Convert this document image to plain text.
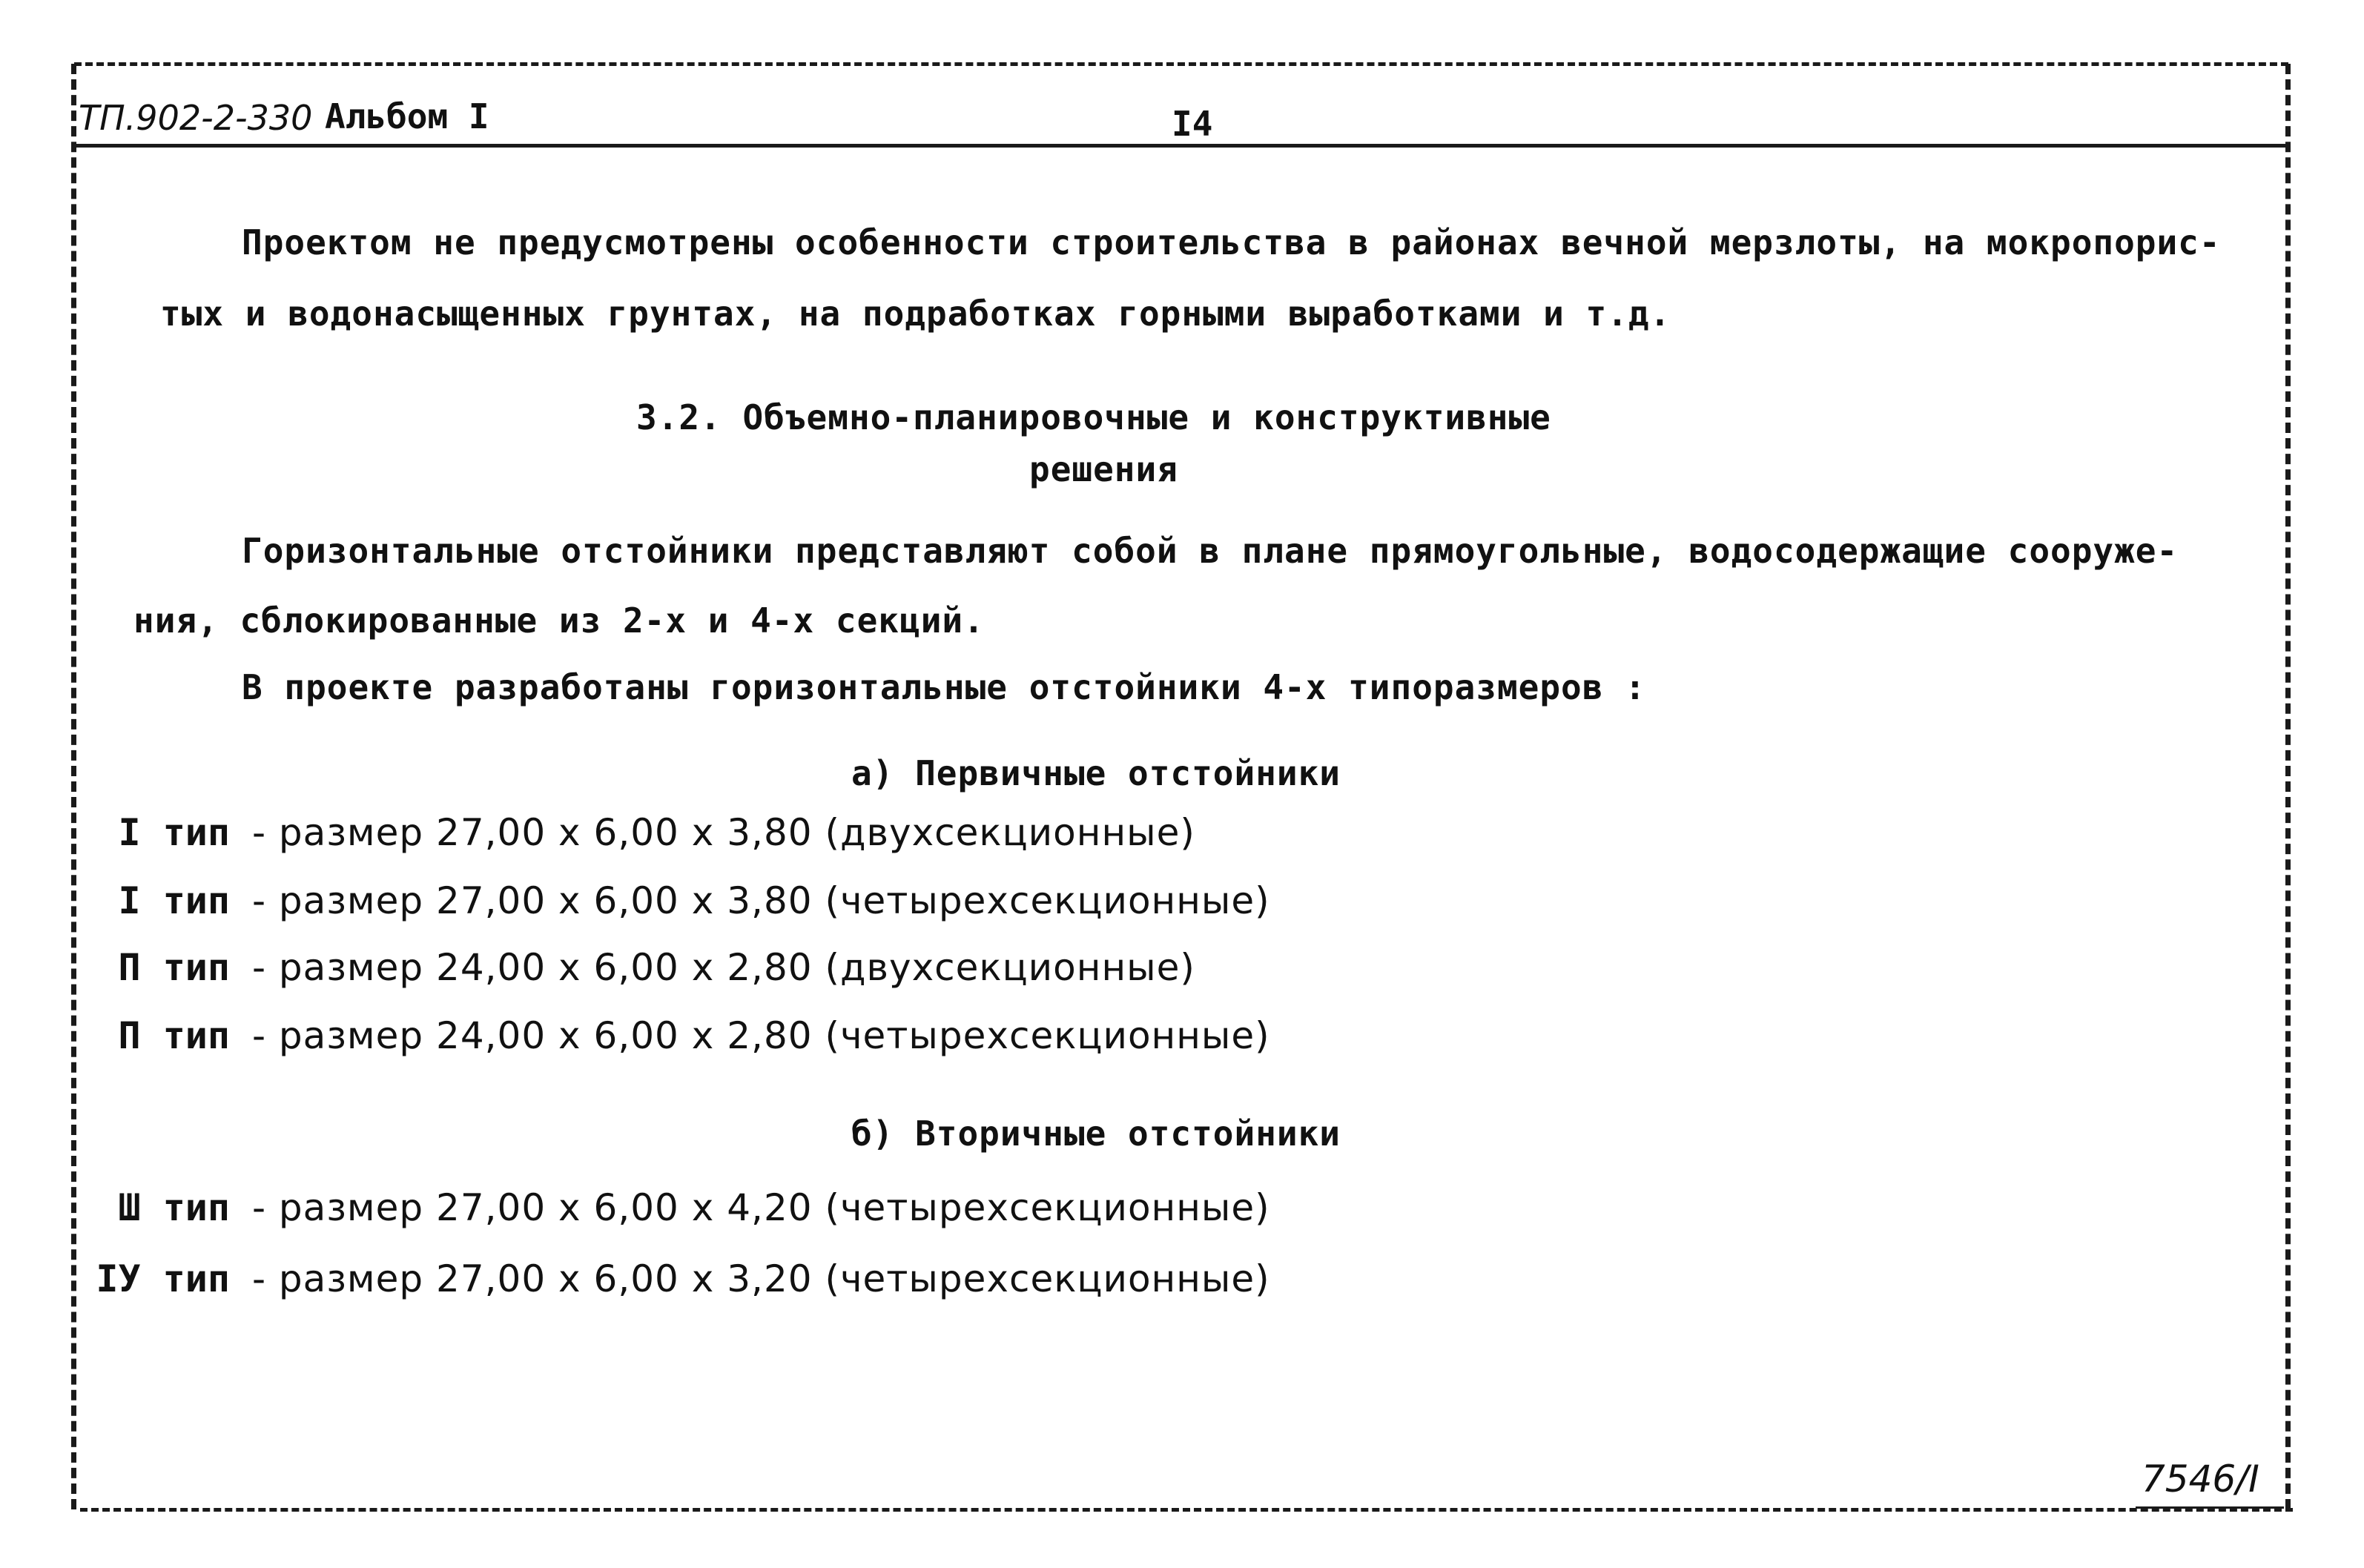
ТП.902-2-330 Альбом I	I4
Проектом не предусмотрены особенности строительства в районах вечной мерзлоты, на мокропорис-
тых и водонасыщенных грунтах, на подработках горными выработками и т.д.
3.2. Объемно-планировочные и конструктивные
решения
Горизонтальные отстойники представляют собой в плане прямоугольные, водосодержащие сооруже-
ния, сблокированные из 2-х и 4-х секций.
В проекте разработаны горизонтальные отстойники 4-х типоразмеров :
а) Первичные отстойники
I тип - размер 27,00 х 6,00 х 3,80 (двухсекционные)
I тип - размер 27,00 х 6,00 х 3,80 (четырехсекционные)
П тип - размер 24,00 х 6,00 х 2,80 (двухсекционные)
П тип - размер 24,00 х 6,00 х 2,80 (четырехсекционные)
б) Вторичные отстойники
Ш тип - размер 27,00 х 6,00 х 4,20 (четырехсекционные)
IУ тип - размер 27,00 х 6,00 х 3,20 (четырехсекционные)
7546/I
